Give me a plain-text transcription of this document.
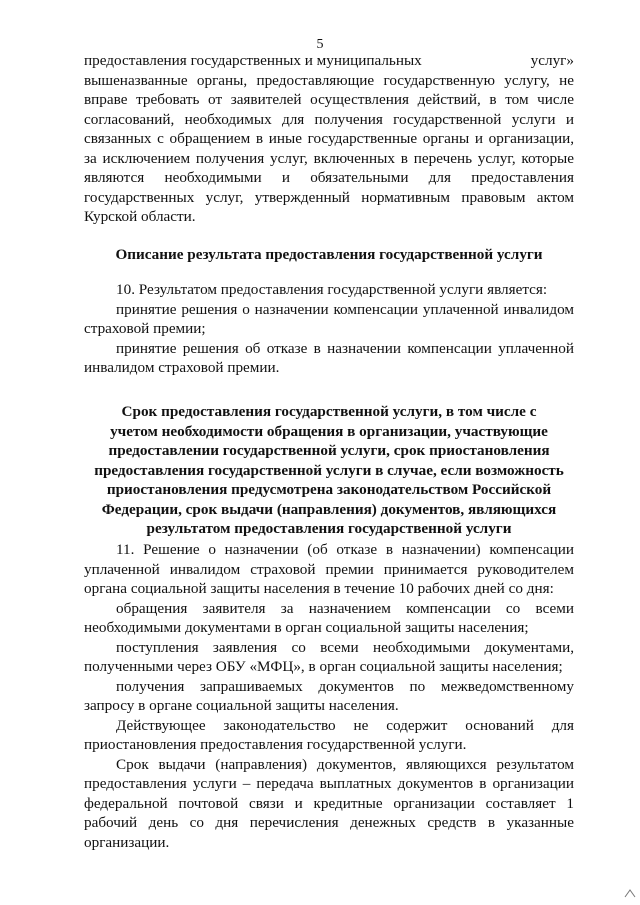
5

предоставления государственных и муниципальных	услуг»

вышеназванные органы, предоставляющие государственную услугу, не

вправе требовать от заявителей осуществления действий, в том числе

согласований, необходимых для получения государственной услуги и

связанных с обращением в иные государственные органы и организации,

за исключением получения услуг, включенных в перечень услуг, которые

являются необходимыми и обязательными для предоставления

государственных услуг, утвержденный нормативным правовым актом

Курской области.

Описание результата предоставления государственной услуги

10. Результатом предоставления государственной услуги является:

принятие решения о назначении компенсации уплаченной инвалидом

страховой премии;

принятие решения об отказе в назначении компенсации уплаченной

инвалидом страховой премии.

Срок предоставления государственной услуги, в том числе с

учетом необходимости обращения в организации, участвующие

предоставлении государственной услуги, срок приостановления

предоставления государственной услуги в случае, если возможность

приостановления предусмотрена законодательством Российской

Федерации, срок выдачи (направления) документов, являющихся

результатом предоставления государственной услуги

11. Решение о назначении (об отказе в назначении) компенсации

уплаченной инвалидом страховой премии принимается руководителем

органа социальной защиты населения в течение 10 рабочих дней со дня:

обращения заявителя за назначением компенсации со всеми

необходимыми документами в орган социальной защиты населения;

поступления заявления со всеми необходимыми документами,

полученными через ОБУ «МФЦ», в орган социальной защиты населения;

получения запрашиваемых документов по межведомственному

запросу в органе социальной защиты населения.

Действующее законодательство не содержит оснований для

приостановления предоставления государственной услуги.

Срок выдачи (направления) документов, являющихся результатом

предоставления услуги – передача выплатных документов в организации

федеральной почтовой связи и кредитные организации составляет 1

рабочий день со дня перечисления денежных средств в указанные

организации.
